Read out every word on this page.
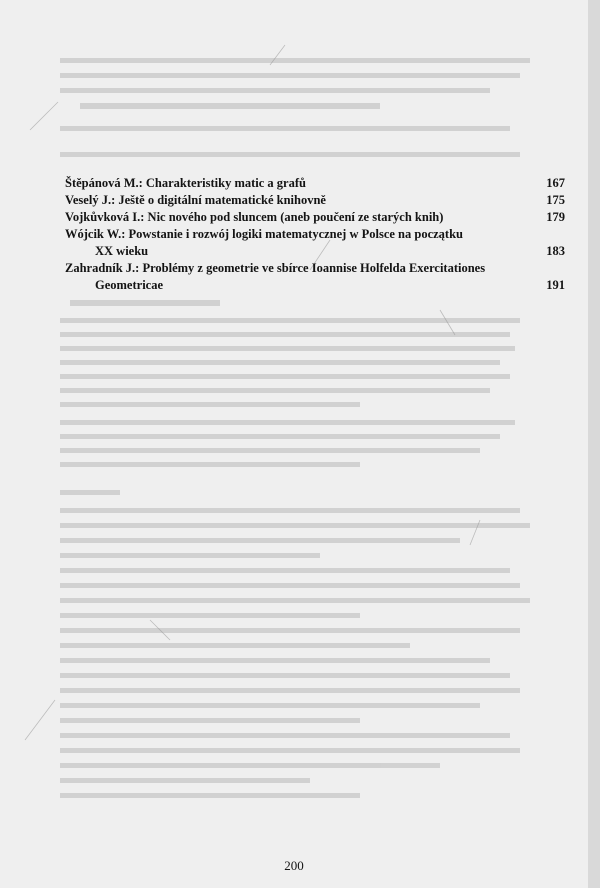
Štěpánová M.: Charakteristiky matic a grafů	167
Veselý J.: Ještě o digitální matematické knihovně	175
Vojkůvková I.: Nic nového pod sluncem (aneb poučení ze starých knih)	179
Wójcik W.: Powstanie i rozwój logiki matematycznej w Polsce na początku
XX wieku	183
Zahradník J.: Problémy z geometrie ve sbírce Ioannise Holfelda Exercitationes
Geometricae	191
200
